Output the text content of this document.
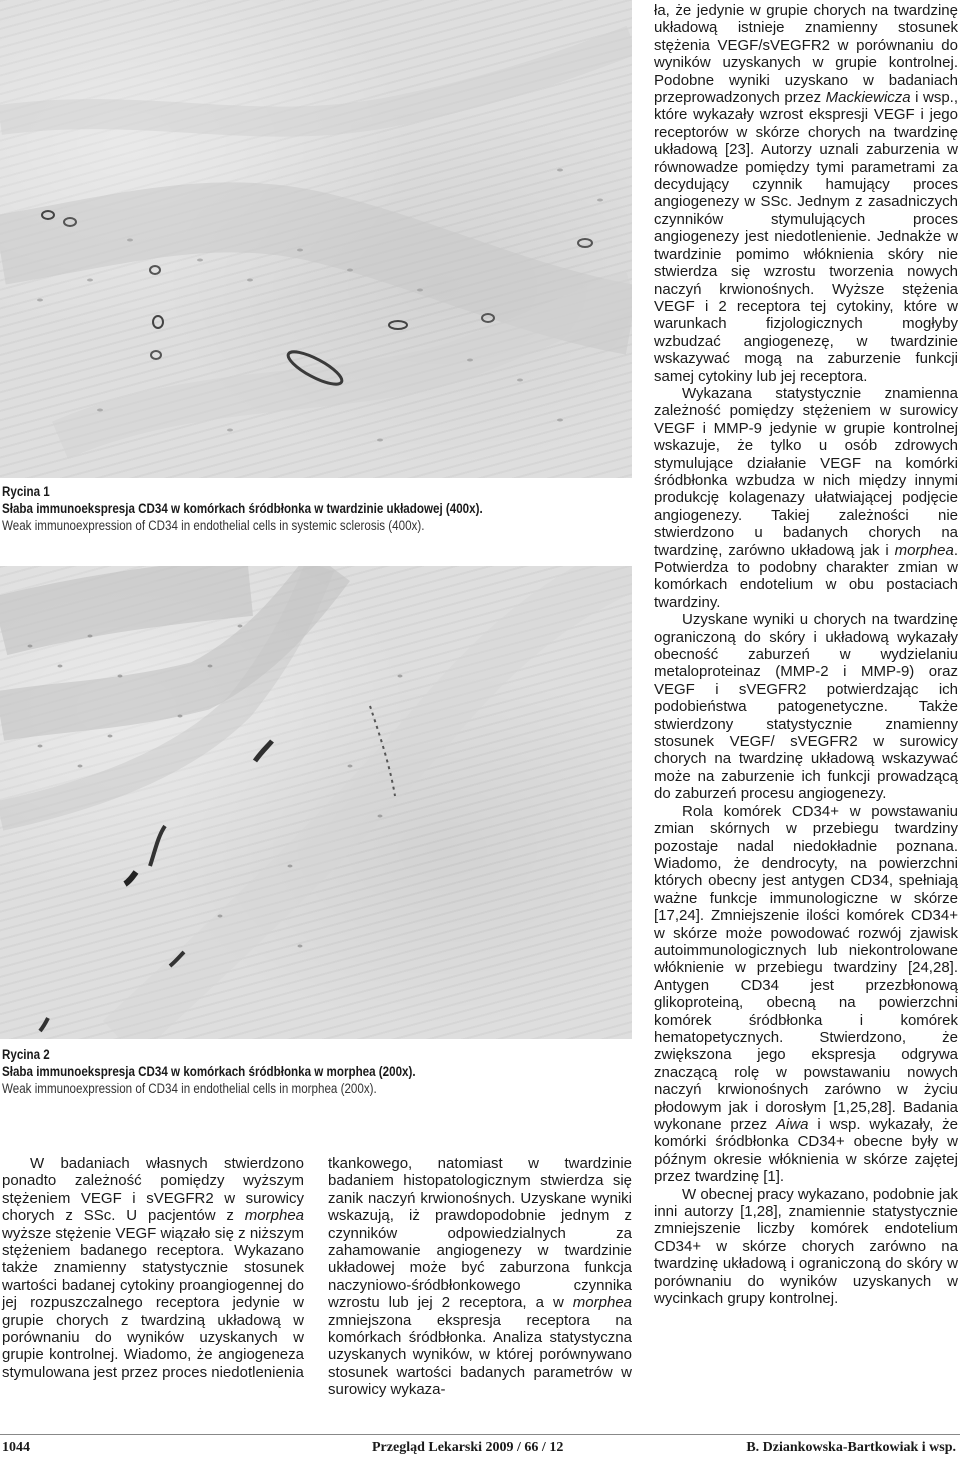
Rycina 1
Słaba immunoekspresja CD34 w komórkach śródbłonka w twardzinie układowej (400x).
Weak immunoexpression of CD34 in endothelial cells in systemic sclerosis (400x).
Rycina 2
Słaba immunoekspresja CD34 w komórkach śródbłonka w morphea (200x).
Weak immunoexpression of CD34 in endothelial cells in morphea (200x).

W badaniach własnych stwierdzono ponadto zależność pomiędzy wyższym stężeniem VEGF i sVEGFR2 w surowicy chorych z SSc. U pacjentów z morphea wyższe stężenie VEGF wiązało się z niższym stężeniem badanego receptora. Wykazano także znamienny statystycznie stosunek wartości badanej cytokiny proangiogennej do jej rozpuszczalnego receptora jedynie w grupie chorych z twardziną układową w porównaniu do wyników uzyskanych w grupie kontrolnej. Wiadomo, że angiogeneza stymulowana jest przez proces niedotlenienia

tkankowego, natomiast w twardzinie badaniem histopatologicznym stwierdza się zanik naczyń krwionośnych. Uzyskane wyniki wskazują, iż prawdopodobnie jednym z czynników odpowiedzialnych za zahamowanie angiogenezy w twardzinie układowej może być zaburzona funkcja naczyniowo-śródbłonkowego czynnika wzrostu lub jej 2 receptora, a w morphea zmniejszona ekspresja receptora na komórkach śródbłonka. Analiza statystyczna uzyskanych wyników, w której porównywano stosunek wartości badanych parametrów w surowicy wykaza-

ła, że jedynie w grupie chorych na twardzinę układową istnieje znamienny stosunek stężenia VEGF/sVEGFR2 w porównaniu do wyników uzyskanych w grupie kontrolnej. Podobne wyniki uzyskano w badaniach przeprowadzonych przez Mackiewicza i wsp., które wykazały wzrost ekspresji VEGF i jego receptorów w skórze chorych na twardzinę układową [23]. Autorzy uznali zaburzenia w równowadze pomiędzy tymi parametrami za decydujący czynnik hamujący proces angiogenezy w SSc. Jednym z zasadniczych czynników stymulujących proces angiogenezy jest niedotlenienie. Jednakże w twardzinie pomimo włóknienia skóry nie stwierdza się wzrostu tworzenia nowych naczyń krwionośnych. Wyższe stężenia VEGF i 2 receptora tej cytokiny, które w warunkach fizjologicznych mogłyby wzbudzać angiogenezę, w twardzinie wskazywać mogą na zaburzenie funkcji samej cytokiny lub jej receptora.

Wykazana statystycznie znamienna zależność pomiędzy stężeniem w surowicy VEGF i MMP-9 jedynie w grupie kontrolnej wskazuje, że tylko u osób zdrowych stymulujące działanie VEGF na komórki śródbłonka wzbudza w nich między innymi produkcję kolagenazy ułatwiającej podjęcie angiogenezy. Takiej zależności nie stwierdzono u badanych chorych na twardzinę, zarówno układową jak i morphea. Potwierdza to podobny charakter zmian w komórkach endotelium w obu postaciach twardziny.

Uzyskane wyniki u chorych na twardzinę ograniczoną do skóry i układową wykazały obecność zaburzeń w wydzielaniu metaloproteinaz (MMP-2 i MMP-9) oraz VEGF i sVEGFR2 potwierdzając ich podobieństwa patogenetyczne. Także stwierdzony statystycznie znamienny stosunek VEGF/ sVEGFR2 w surowicy chorych na twardzinę układową wskazywać może na zaburzenie ich funkcji prowadzącą do zaburzeń procesu angiogenezy.

Rola komórek CD34+ w powstawaniu zmian skórnych w przebiegu twardziny pozostaje nadal niedokładnie poznana. Wiadomo, że dendrocyty, na powierzchni których obecny jest antygen CD34, spełniają ważne funkcje immunologiczne w skórze [17,24]. Zmniejszenie ilości komórek CD34+ w skórze może powodować rozwój zjawisk autoimmunologicznych lub niekontrolowane włóknienie w przebiegu twardziny [24,28]. Antygen CD34 jest przezbłonową glikoproteiną, obecną na powierzchni komórek śródbłonka i komórek hematopetycznych. Stwierdzono, że zwiększona jego ekspresja odgrywa znaczącą rolę w powstawaniu nowych naczyń krwionośnych zarówno w życiu płodowym jak i dorosłym [1,25,28]. Badania wykonane przez Aiwa i wsp. wykazały, że komórki śródbłonka CD34+ obecne były w późnym okresie włóknienia w skórze zajętej przez twardzinę [1].

W obecnej pracy wykazano, podobnie jak inni autorzy [1,28], znamiennie statystycznie zmniejszenie liczby komórek endotelium CD34+ w skórze chorych zarówno na twardzinę układową i ograniczoną do skóry w porównaniu do wyników uzyskanych w wycinkach grupy kontrolnej.

1044	Przegląd Lekarski 2009 / 66 / 12	B. Dziankowska-Bartkowiak i wsp.
